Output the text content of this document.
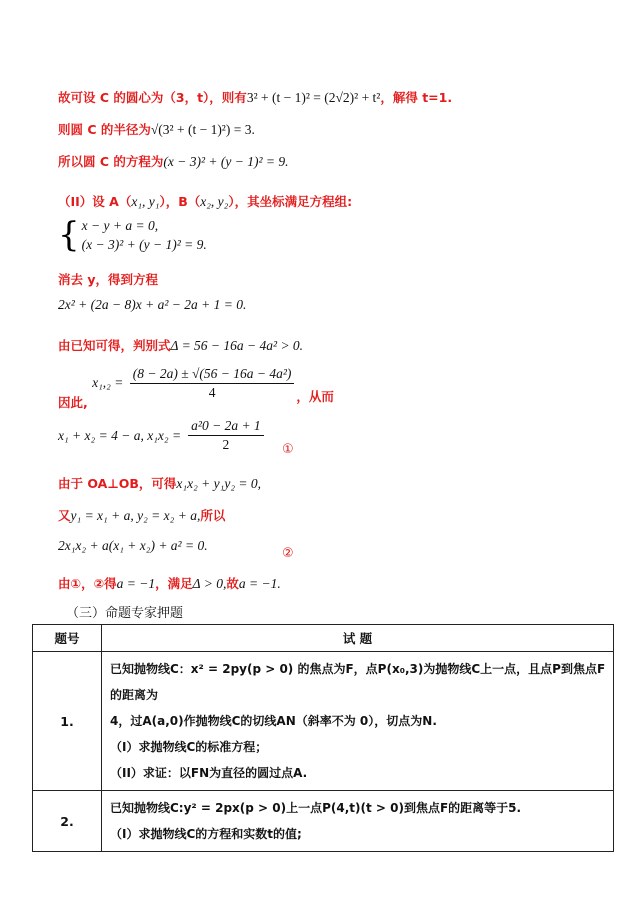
故可设 C 的圆心为（3，t），则有3² + (t − 1)² = (2√2)² + t²，解得 t=1.
则圆 C 的半径为√(3² + (t − 1)²) = 3.
所以圆 C 的方程为(x − 3)² + (y − 1)² = 9.
（II）设 A（x₁, y₁），B（x₂, y₂），其坐标满足方程组:
{ x − y + a = 0,
(x − 3)² + (y − 1)² = 9.
消去 y，得到方程
2x² + (2a − 8)x + a² − 2a + 1 = 0.
由已知可得，判别式Δ = 56 − 16a − 4a² > 0.
因此, $x_1,_2 = \frac{\text{(8 − 2a) ± √(56 − 16a − 4a²)}}{4}$ ，从而
x₁ + x₂ = 4 − a, $x_1x_2 = \frac{\text{a²0 − 2a + 1}}{2}$ ①
由于 OA⊥OB，可得x₁x₂ + y₁y₂ = 0,
又y₁ = x₁ + a, y₂ = x₂ + a,所以
2x₁x₂ + a(x₁ + x₂) + a² = 0.
②
由①，②得a = −1，满足Δ > 0,故a = −1.
（三）命题专家押题
题号	试 题
1.	已知抛物线C：x² = 2py(p > 0) 的焦点为F，点P(x₀,3)为抛物线C上一点，且点P到焦点F的距离为
4，过A(a,0)作抛物线C的切线AN（斜率不为 0），切点为N.
（I）求抛物线C的标准方程；
（II）求证：以FN为直径的圆过点A.

2.	已知抛物线C:y² = 2px(p > 0)上一点P(4,t)(t > 0)到焦点F的距离等于5.
（I）求抛物线C的方程和实数t的值;
